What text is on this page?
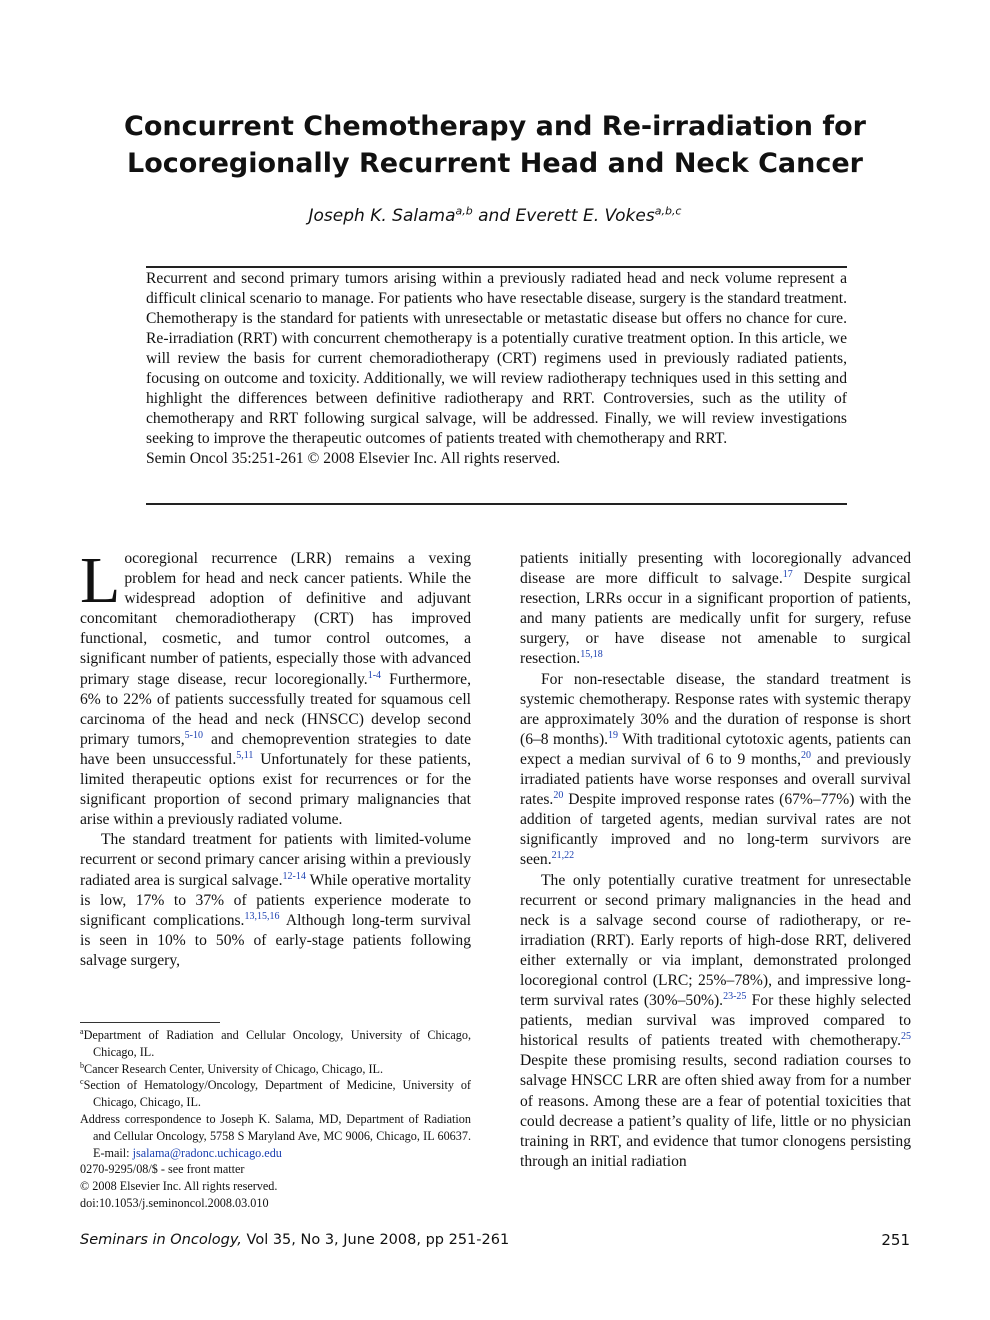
Concurrent Chemotherapy and Re-irradiation for
Locoregionally Recurrent Head and Neck Cancer
Joseph K. Salama$^{a,b}$ and Everett E. Vokes$^{a,b,c}$

Recurrent and second primary tumors arising within a previously radiated head and neck volume represent a difficult clinical scenario to manage. For patients who have resectable disease, surgery is the standard treatment. Chemotherapy is the standard for patients with unresectable or metastatic disease but offers no chance for cure. Re-irradiation (RRT) with concurrent chemotherapy is a potentially curative treatment option. In this article, we will review the basis for current chemoradiotherapy (CRT) regimens used in previously radiated patients, focusing on outcome and toxicity. Additionally, we will review radiotherapy techniques used in this setting and highlight the differences between definitive radiotherapy and RRT. Controversies, such as the utility of chemotherapy and RRT following surgical salvage, will be addressed. Finally, we will review investigations seeking to improve the therapeutic outcomes of patients treated with chemotherapy and RRT.
Semin Oncol 35:251-261 © 2008 Elsevier Inc. All rights reserved.

Locoregional recurrence (LRR) remains a vexing problem for head and neck cancer patients. While the widespread adoption of definitive and adjuvant concomitant chemoradiotherapy (CRT) has improved functional, cosmetic, and tumor control outcomes, a significant number of patients, especially those with advanced primary stage disease, recur locoregionally.$^{1-4}$ Furthermore, 6% to 22% of patients successfully treated for squamous cell carcinoma of the head and neck (HNSCC) develop second primary tumors,$^{5-10}$ and chemoprevention strategies to date have been unsuccessful.$^{5,11}$ Unfortunately for these patients, limited therapeutic options exist for recurrences or for the significant proportion of second primary malignancies that arise within a previously radiated volume.

The standard treatment for patients with limited-volume recurrent or second primary cancer arising within a previously radiated area is surgical salvage.$^{12-14}$ While operative mortality is low, 17% to 37% of patients experience moderate to significant complications.$^{13,15,16}$ Although long-term survival is seen in 10% to 50% of early-stage patients following salvage surgery,

patients initially presenting with locoregionally advanced disease are more difficult to salvage.$^{17}$ Despite surgical resection, LRRs occur in a significant proportion of patients, and many patients are medically unfit for surgery, refuse surgery, or have disease not amenable to surgical resection.$^{15,18}$

For non-resectable disease, the standard treatment is systemic chemotherapy. Response rates with systemic therapy are approximately 30% and the duration of response is short (6–8 months).$^{19}$ With traditional cytotoxic agents, patients can expect a median survival of 6 to 9 months,$^{20}$ and previously irradiated patients have worse responses and overall survival rates.$^{20}$ Despite improved response rates (67%–77%) with the addition of targeted agents, median survival rates are not significantly improved and no long-term survivors are seen.$^{21,22}$

The only potentially curative treatment for unresectable recurrent or second primary malignancies in the head and neck is a salvage second course of radiotherapy, or re-irradiation (RRT). Early reports of high-dose RRT, delivered either externally or via implant, demonstrated prolonged locoregional control (LRC; 25%–78%), and impressive long-term survival rates (30%–50%).$^{23-25}$ For these highly selected patients, median survival was improved compared to historical results of patients treated with chemotherapy.$^{25}$ Despite these promising results, second radiation courses to salvage HNSCC LRR are often shied away from for a number of reasons. Among these are a fear of potential toxicities that could decrease a patient’s quality of life, little or no physician training in RRT, and evidence that tumor clonogens persisting through an initial radiation

$^a$Department of Radiation and Cellular Oncology, University of Chicago, Chicago, IL.

$^b$Cancer Research Center, University of Chicago, Chicago, IL.

$^c$Section of Hematology/Oncology, Department of Medicine, University of Chicago, Chicago, IL.

Address correspondence to Joseph K. Salama, MD, Department of Radiation and Cellular Oncology, 5758 S Maryland Ave, MC 9006, Chicago, IL 60637. E-mail: jsalama@radonc.uchicago.edu

0270-9295/08/$ - see front matter

© 2008 Elsevier Inc. All rights reserved.

doi:10.1053/j.seminoncol.2008.03.010

Seminars in Oncology, Vol 35, No 3, June 2008, pp 251-261	251
